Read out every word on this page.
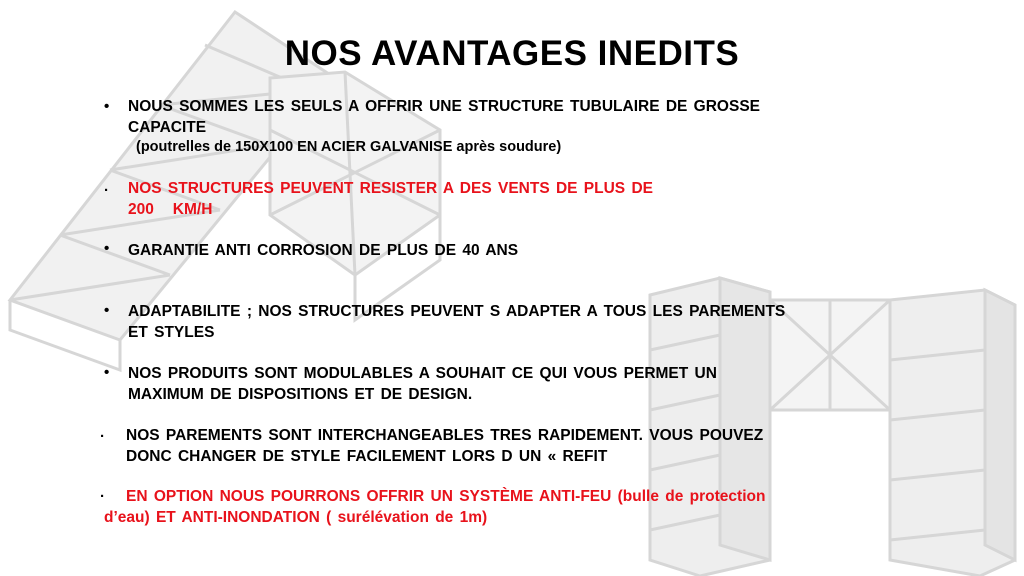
NOS AVANTAGES INEDITS
• NOUS SOMMES LES SEULS A OFFRIR UNE STRUCTURE TUBULAIRE DE GROSSE
CAPACITE
(poutrelles de 150X100 EN ACIER GALVANISE après soudure)
. NOS STRUCTURES PEUVENT RESISTER A DES VENTS DE PLUS DE
200   KM/H
• GARANTIE ANTI CORROSION DE PLUS DE 40 ANS
• ADAPTABILITE ; NOS STRUCTURES PEUVENT S ADAPTER A TOUS LES PAREMENTS
ET STYLES
• NOS PRODUITS SONT MODULABLES A SOUHAIT CE QUI VOUS PERMET UN
MAXIMUM DE DISPOSITIONS ET DE DESIGN.
. NOS PAREMENTS SONT INTERCHANGEABLES TRES RAPIDEMENT. VOUS POUVEZ
DONC CHANGER DE STYLE FACILEMENT LORS D UN « REFIT
.	EN OPTION NOUS POURRONS OFFRIR UN SYSTÈME ANTI-FEU (bulle de protection
d’eau) ET ANTI-INONDATION ( surélévation de 1m)
